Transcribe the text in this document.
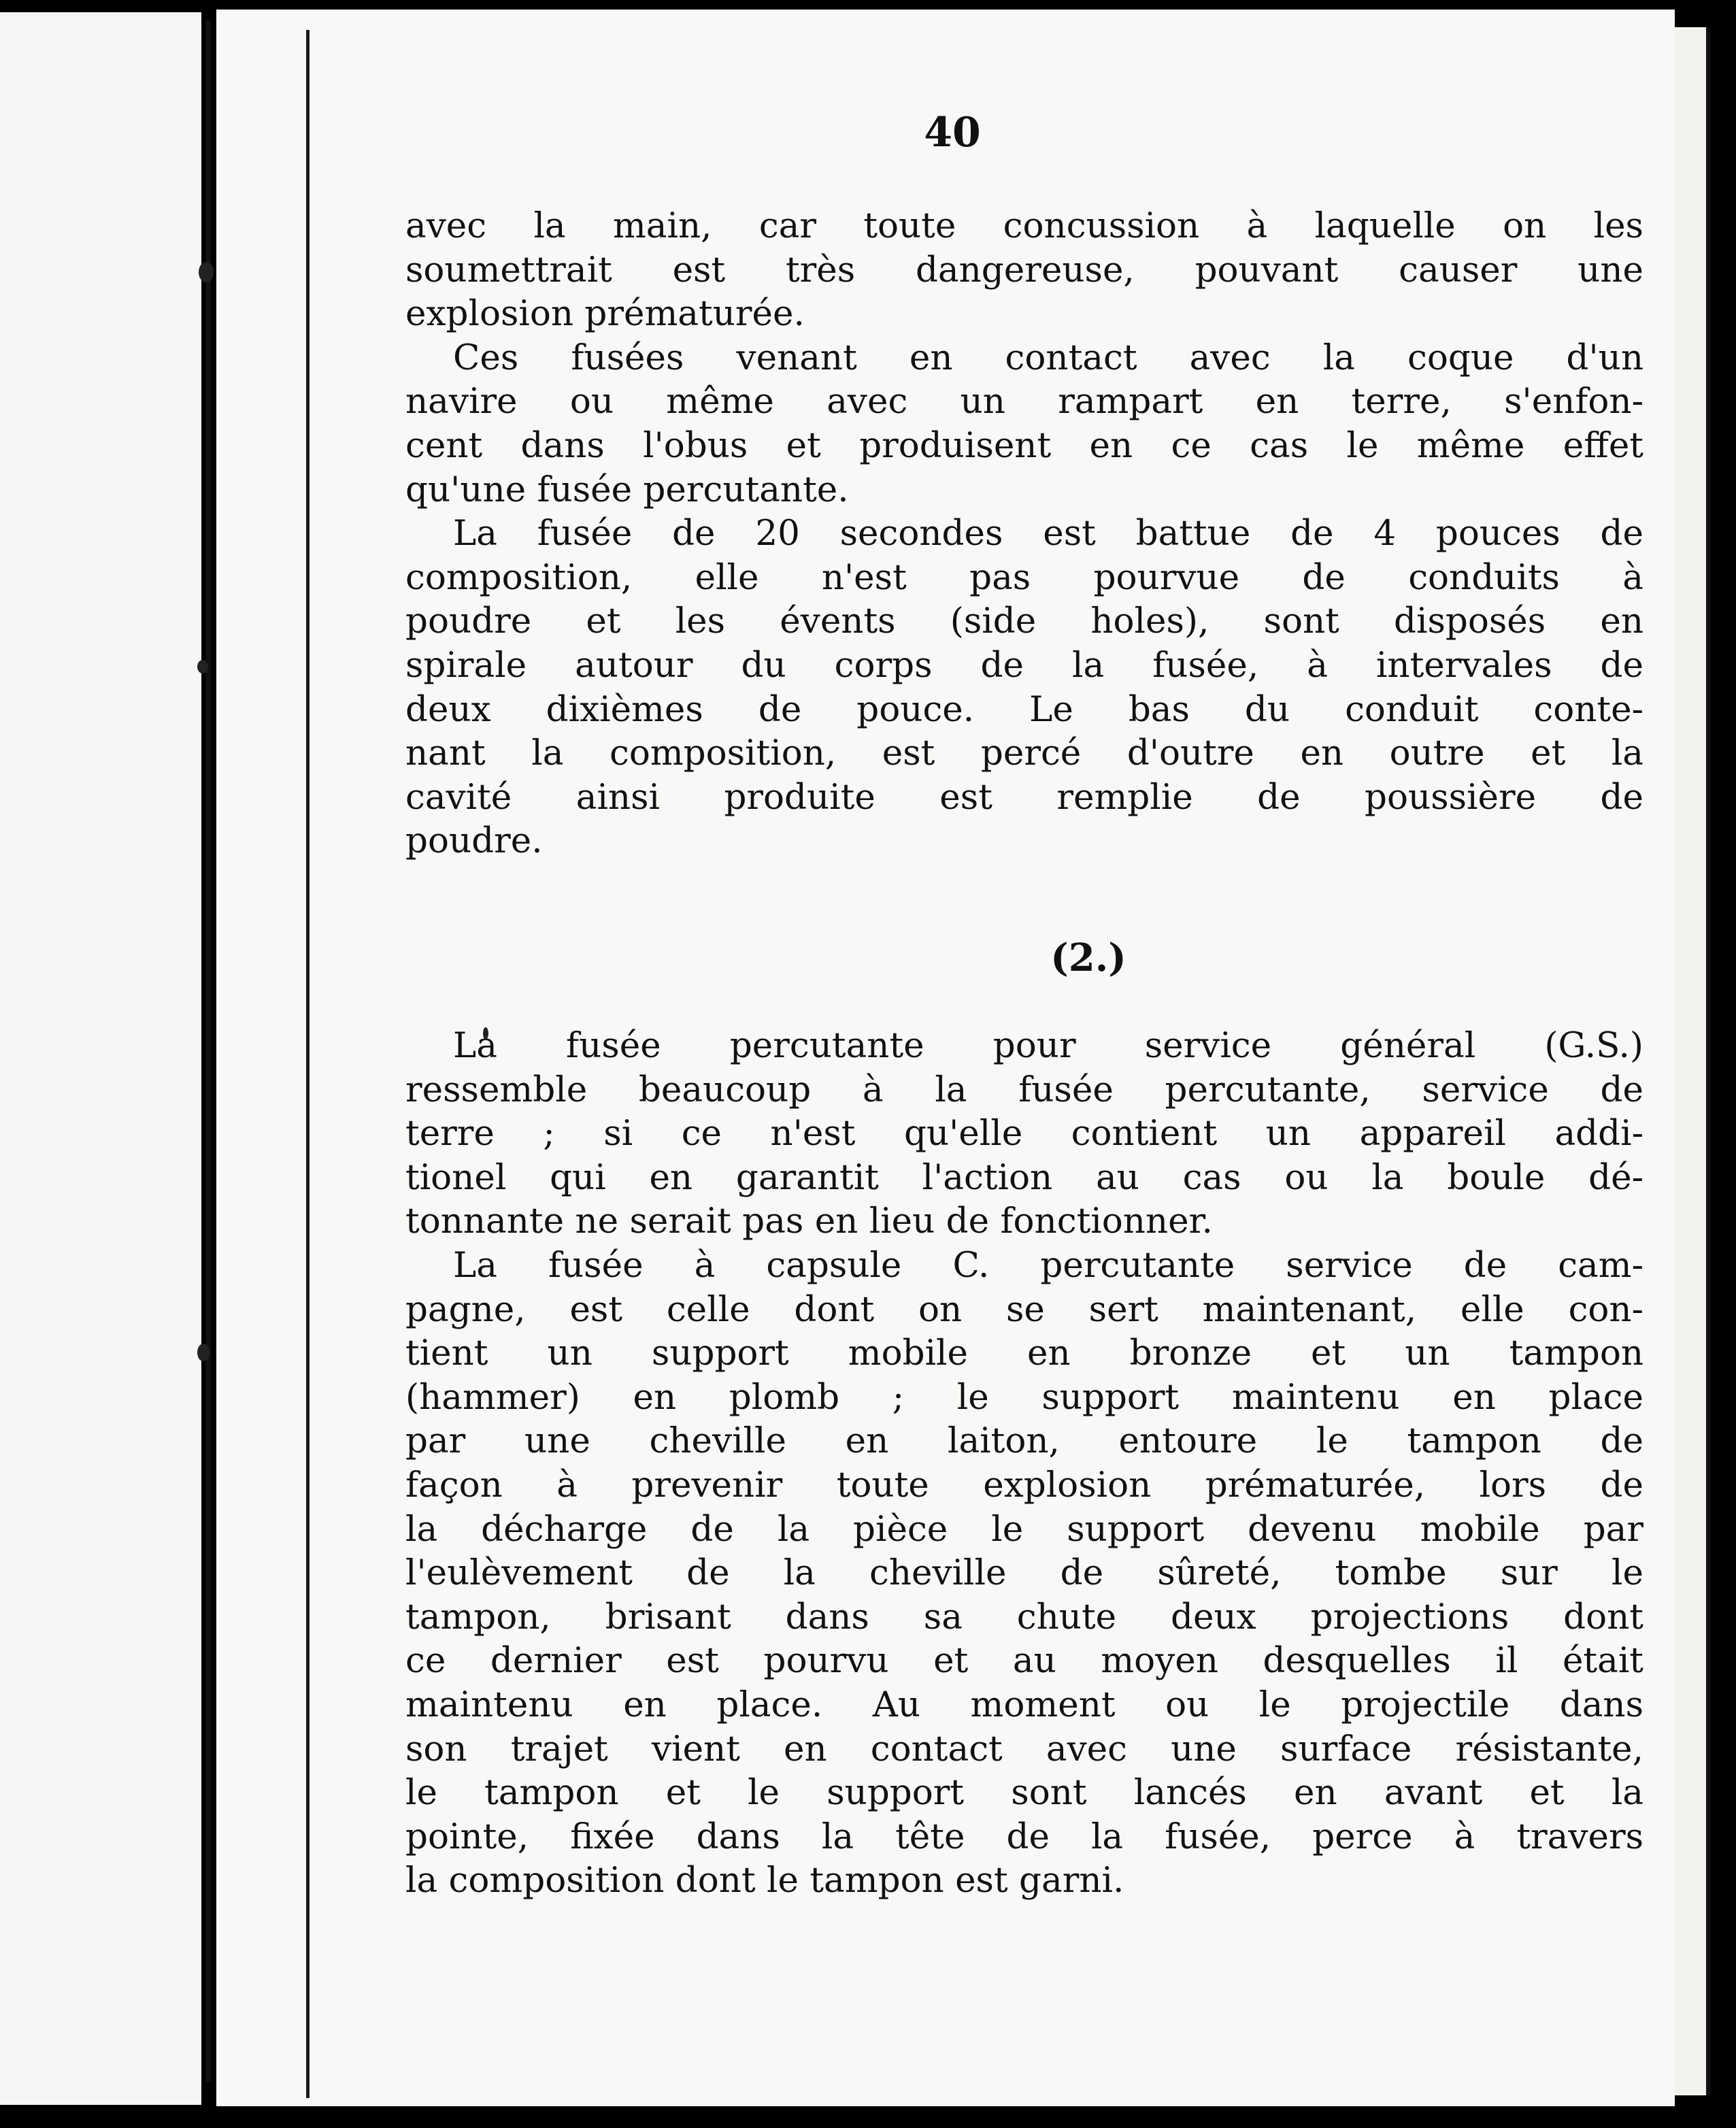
40

avec la main, car toute concussion à laquelle on les
soumettrait est très dangereuse, pouvant causer une
explosion prématurée.

Ces fusées venant en contact avec la coque d'un
navire ou même avec un rampart en terre, s'enfon-
cent dans l'obus et produisent en ce cas le même effet
qu'une fusée percutante.

La fusée de 20 secondes est battue de 4 pouces de
composition, elle n'est pas pourvue de conduits à
poudre et les évents (side holes), sont disposés en
spirale autour du corps de la fusée, à intervales de
deux dixièmes de pouce. Le bas du conduit conte-
nant la composition, est percé d'outre en outre et la
cavité ainsi produite est remplie de poussière de
poudre.

(2.)

La fusée percutante pour service général (G.S.)
ressemble beaucoup à la fusée percutante, service de
terre ; si ce n'est qu'elle contient un appareil addi-
tionel qui en garantit l'action au cas ou la boule dé-
tonnante ne serait pas en lieu de fonctionner.

La fusée à capsule C. percutante service de cam-
pagne, est celle dont on se sert maintenant, elle con-
tient un support mobile en bronze et un tampon
(hammer) en plomb ; le support maintenu en place
par une cheville en laiton, entoure le tampon de
façon à prevenir toute explosion prématurée, lors de
la décharge de la pièce le support devenu mobile par
l'eulèvement de la cheville de sûreté, tombe sur le
tampon, brisant dans sa chute deux projections dont
ce dernier est pourvu et au moyen desquelles il était
maintenu en place. Au moment ou le projectile dans
son trajet vient en contact avec une surface résistante,
le tampon et le support sont lancés en avant et la
pointe, fixée dans la tête de la fusée, perce à travers
la composition dont le tampon est garni.
